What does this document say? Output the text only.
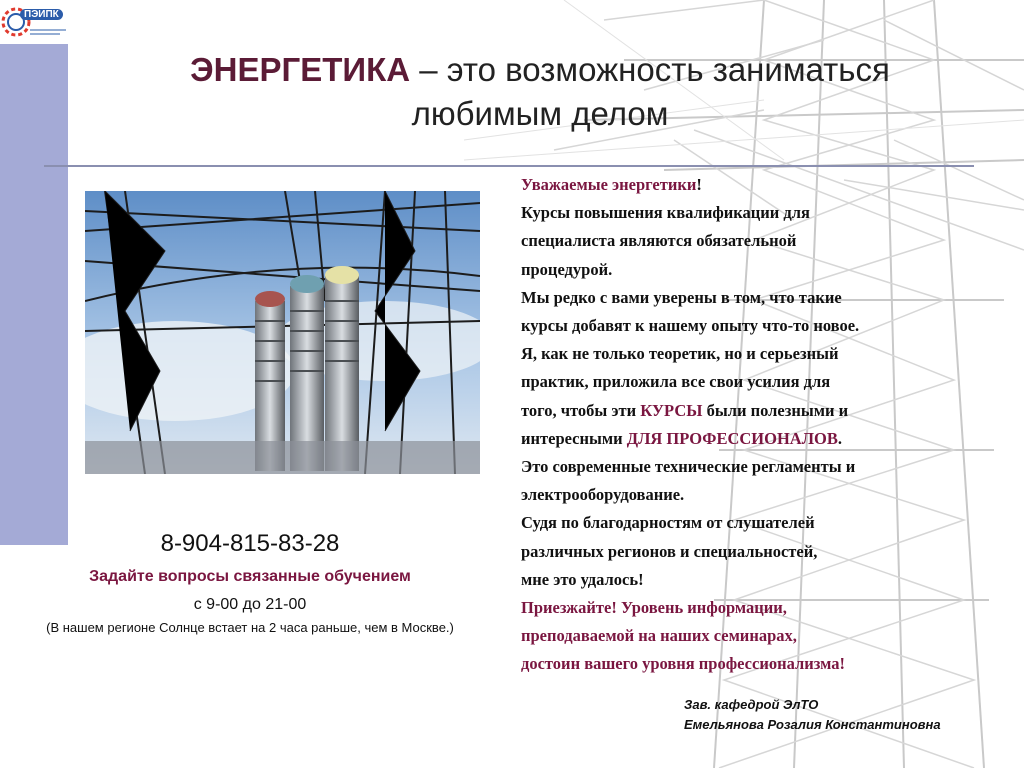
ПЭИПК
ЭНЕРГЕТИКА – это возможность заниматься
любимым делом
8-904-815-83-28
Задайте вопросы связанные обучением
с 9-00 до 21-00
(В нашем регионе Солнце встает на 2 часа раньше, чем в Москве.)
Уважаемые энергетики!
Курсы повышения квалификации для
специалиста являются обязательной
процедурой.
Мы редко с вами уверены в том, что такие
курсы добавят к нашему опыту что-то новое.
Я, как не только теоретик, но и серьезный
практик, приложила все свои усилия для
того, чтобы эти КУРСЫ были полезными и
интересными ДЛЯ ПРОФЕССИОНАЛОВ.
Это современные технические регламенты и
электрооборудование.
Судя по благодарностям от слушателей
различных регионов и специальностей,
мне это удалось!
Приезжайте! Уровень информации,
преподаваемой на наших семинарах,
достоин вашего уровня профессионализма!
Зав. кафедрой ЭлТО
Емельянова Розалия Константиновна
